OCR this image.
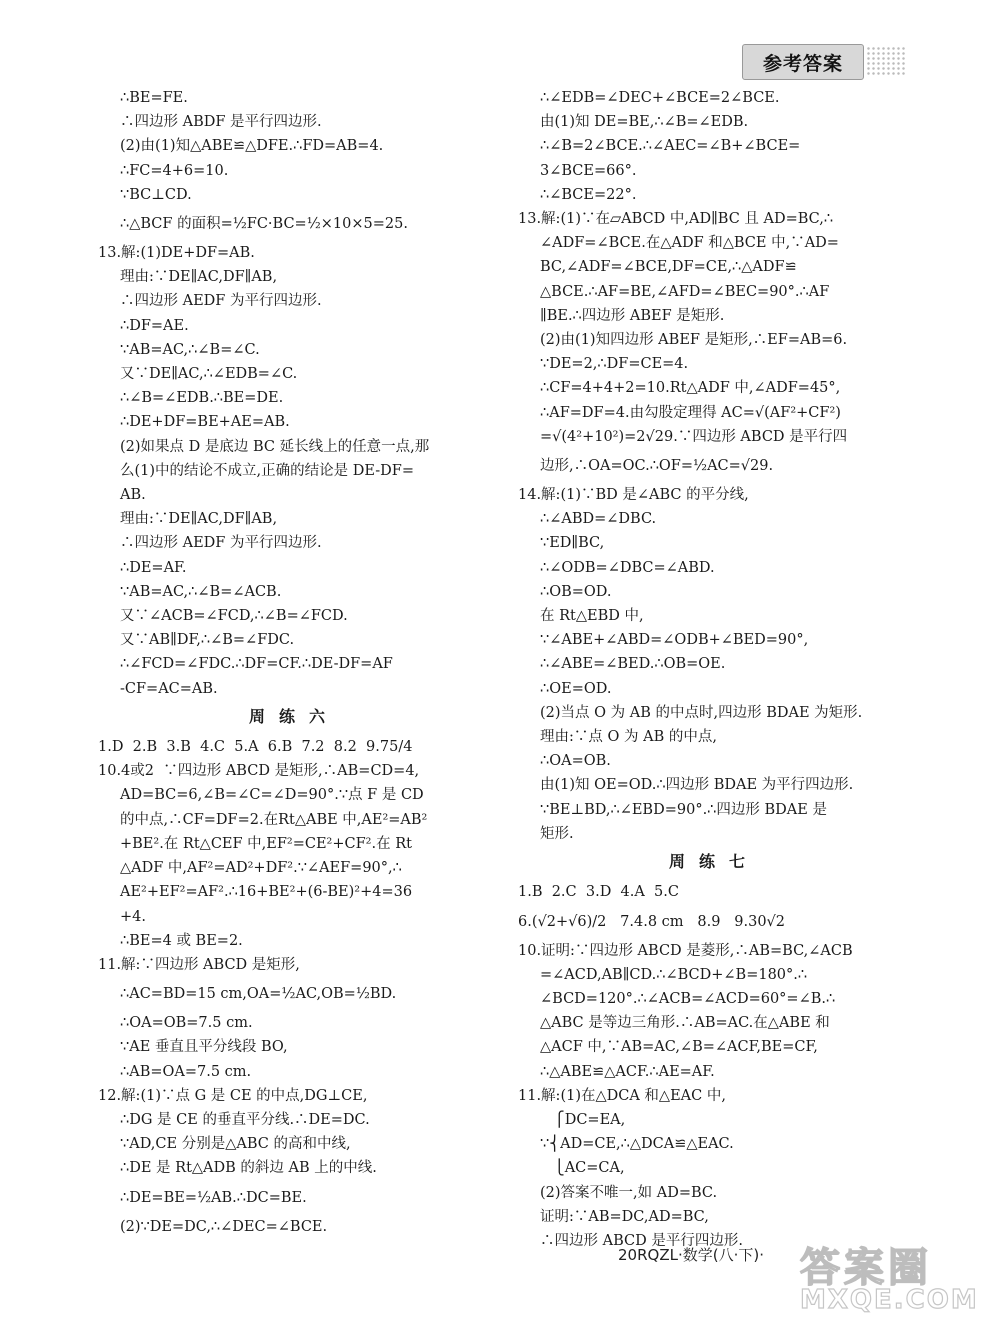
参考答案
∴BE=FE.
∴四边形 ABDF 是平行四边形.
(2)由(1)知△ABE≌△DFE.∴FD=AB=4.
∴FC=4+6=10.
∵BC⊥CD.
∴△BCF 的面积=½FC·BC=½×10×5=25.
13.解:(1)DE+DF=AB.
理由:∵DE∥AC,DF∥AB,
∴四边形 AEDF 为平行四边形.
∴DF=AE.
∵AB=AC,∴∠B=∠C.
又∵DE∥AC,∴∠EDB=∠C.
∴∠B=∠EDB.∴BE=DE.
∴DE+DF=BE+AE=AB.
(2)如果点 D 是底边 BC 延长线上的任意一点,那
么(1)中的结论不成立,正确的结论是 DE-DF=
AB.
理由:∵DE∥AC,DF∥AB,
∴四边形 AEDF 为平行四边形.
∴DE=AF.
∵AB=AC,∴∠B=∠ACB.
又∵∠ACB=∠FCD,∴∠B=∠FCD.
又∵AB∥DF,∴∠B=∠FDC.
∴∠FCD=∠FDC.∴DF=CF.∴DE-DF=AF
-CF=AC=AB.
周练六
1.D  2.B  3.B  4.C  5.A  6.B  7.2  8.2  9.75/4
10.4或2  ∵四边形 ABCD 是矩形,∴AB=CD=4,
AD=BC=6,∠B=∠C=∠D=90°.∵点 F 是 CD
的中点,∴CF=DF=2.在Rt△ABE 中,AE²=AB²
+BE².在 Rt△CEF 中,EF²=CE²+CF².在 Rt
△ADF 中,AF²=AD²+DF².∵∠AEF=90°,∴
AE²+EF²=AF².∴16+BE²+(6-BE)²+4=36
+4.
∴BE=4 或 BE=2.
11.解:∵四边形 ABCD 是矩形,
∴AC=BD=15 cm,OA=½AC,OB=½BD.
∴OA=OB=7.5 cm.
∵AE 垂直且平分线段 BO,
∴AB=OA=7.5 cm.
12.解:(1)∵点 G 是 CE 的中点,DG⊥CE,
∴DG 是 CE 的垂直平分线.∴DE=DC.
∵AD,CE 分别是△ABC 的高和中线,
∴DE 是 Rt△ADB 的斜边 AB 上的中线.
∴DE=BE=½AB.∴DC=BE.
(2)∵DE=DC,∴∠DEC=∠BCE.
∴∠EDB=∠DEC+∠BCE=2∠BCE.
由(1)知 DE=BE,∴∠B=∠EDB.
∴∠B=2∠BCE.∴∠AEC=∠B+∠BCE=
3∠BCE=66°.
∴∠BCE=22°.
13.解:(1)∵在▱ABCD 中,AD∥BC 且 AD=BC,∴
∠ADF=∠BCE.在△ADF 和△BCE 中,∵AD=
BC,∠ADF=∠BCE,DF=CE,∴△ADF≌
△BCE.∴AF=BE,∠AFD=∠BEC=90°.∴AF
∥BE.∴四边形 ABEF 是矩形.
(2)由(1)知四边形 ABEF 是矩形,∴EF=AB=6.
∵DE=2,∴DF=CE=4.
∴CF=4+4+2=10.Rt△ADF 中,∠ADF=45°,
∴AF=DF=4.由勾股定理得 AC=√(AF²+CF²)
=√(4²+10²)=2√29.∵四边形 ABCD 是平行四
边形,∴OA=OC.∴OF=½AC=√29.
14.解:(1)∵BD 是∠ABC 的平分线,
∴∠ABD=∠DBC.
∵ED∥BC,
∴∠ODB=∠DBC=∠ABD.
∴OB=OD.
在 Rt△EBD 中,
∵∠ABE+∠ABD=∠ODB+∠BED=90°,
∴∠ABE=∠BED.∴OB=OE.
∴OE=OD.
(2)当点 O 为 AB 的中点时,四边形 BDAE 为矩形.
理由:∵点 O 为 AB 的中点,
∴OA=OB.
由(1)知 OE=OD.∴四边形 BDAE 为平行四边形.
∵BE⊥BD,∴∠EBD=90°.∴四边形 BDAE 是
矩形.
周练七
1.B  2.C  3.D  4.A  5.C
6.(√2+√6)/2   7.4.8 cm   8.9   9.30√2
10.证明:∵四边形 ABCD 是菱形,∴AB=BC,∠ACB
=∠ACD,AB∥CD.∴∠BCD+∠B=180°.∴
∠BCD=120°.∴∠ACB=∠ACD=60°=∠B.∴
△ABC 是等边三角形.∴AB=AC.在△ABE 和
△ACF 中,∵AB=AC,∠B=∠ACF,BE=CF,
∴△ABE≌△ACF.∴AE=AF.
11.解:(1)在△DCA 和△EAC 中,
⎧DC=EA,
∵⎨AD=CE,∴△DCA≌△EAC.
⎩AC=CA,
(2)答案不唯一,如 AD=BC.
证明:∵AB=DC,AD=BC,
∴四边形 ABCD 是平行四边形.
20RQZL·数学(八·下)· 答案圈
MXQE.COM
